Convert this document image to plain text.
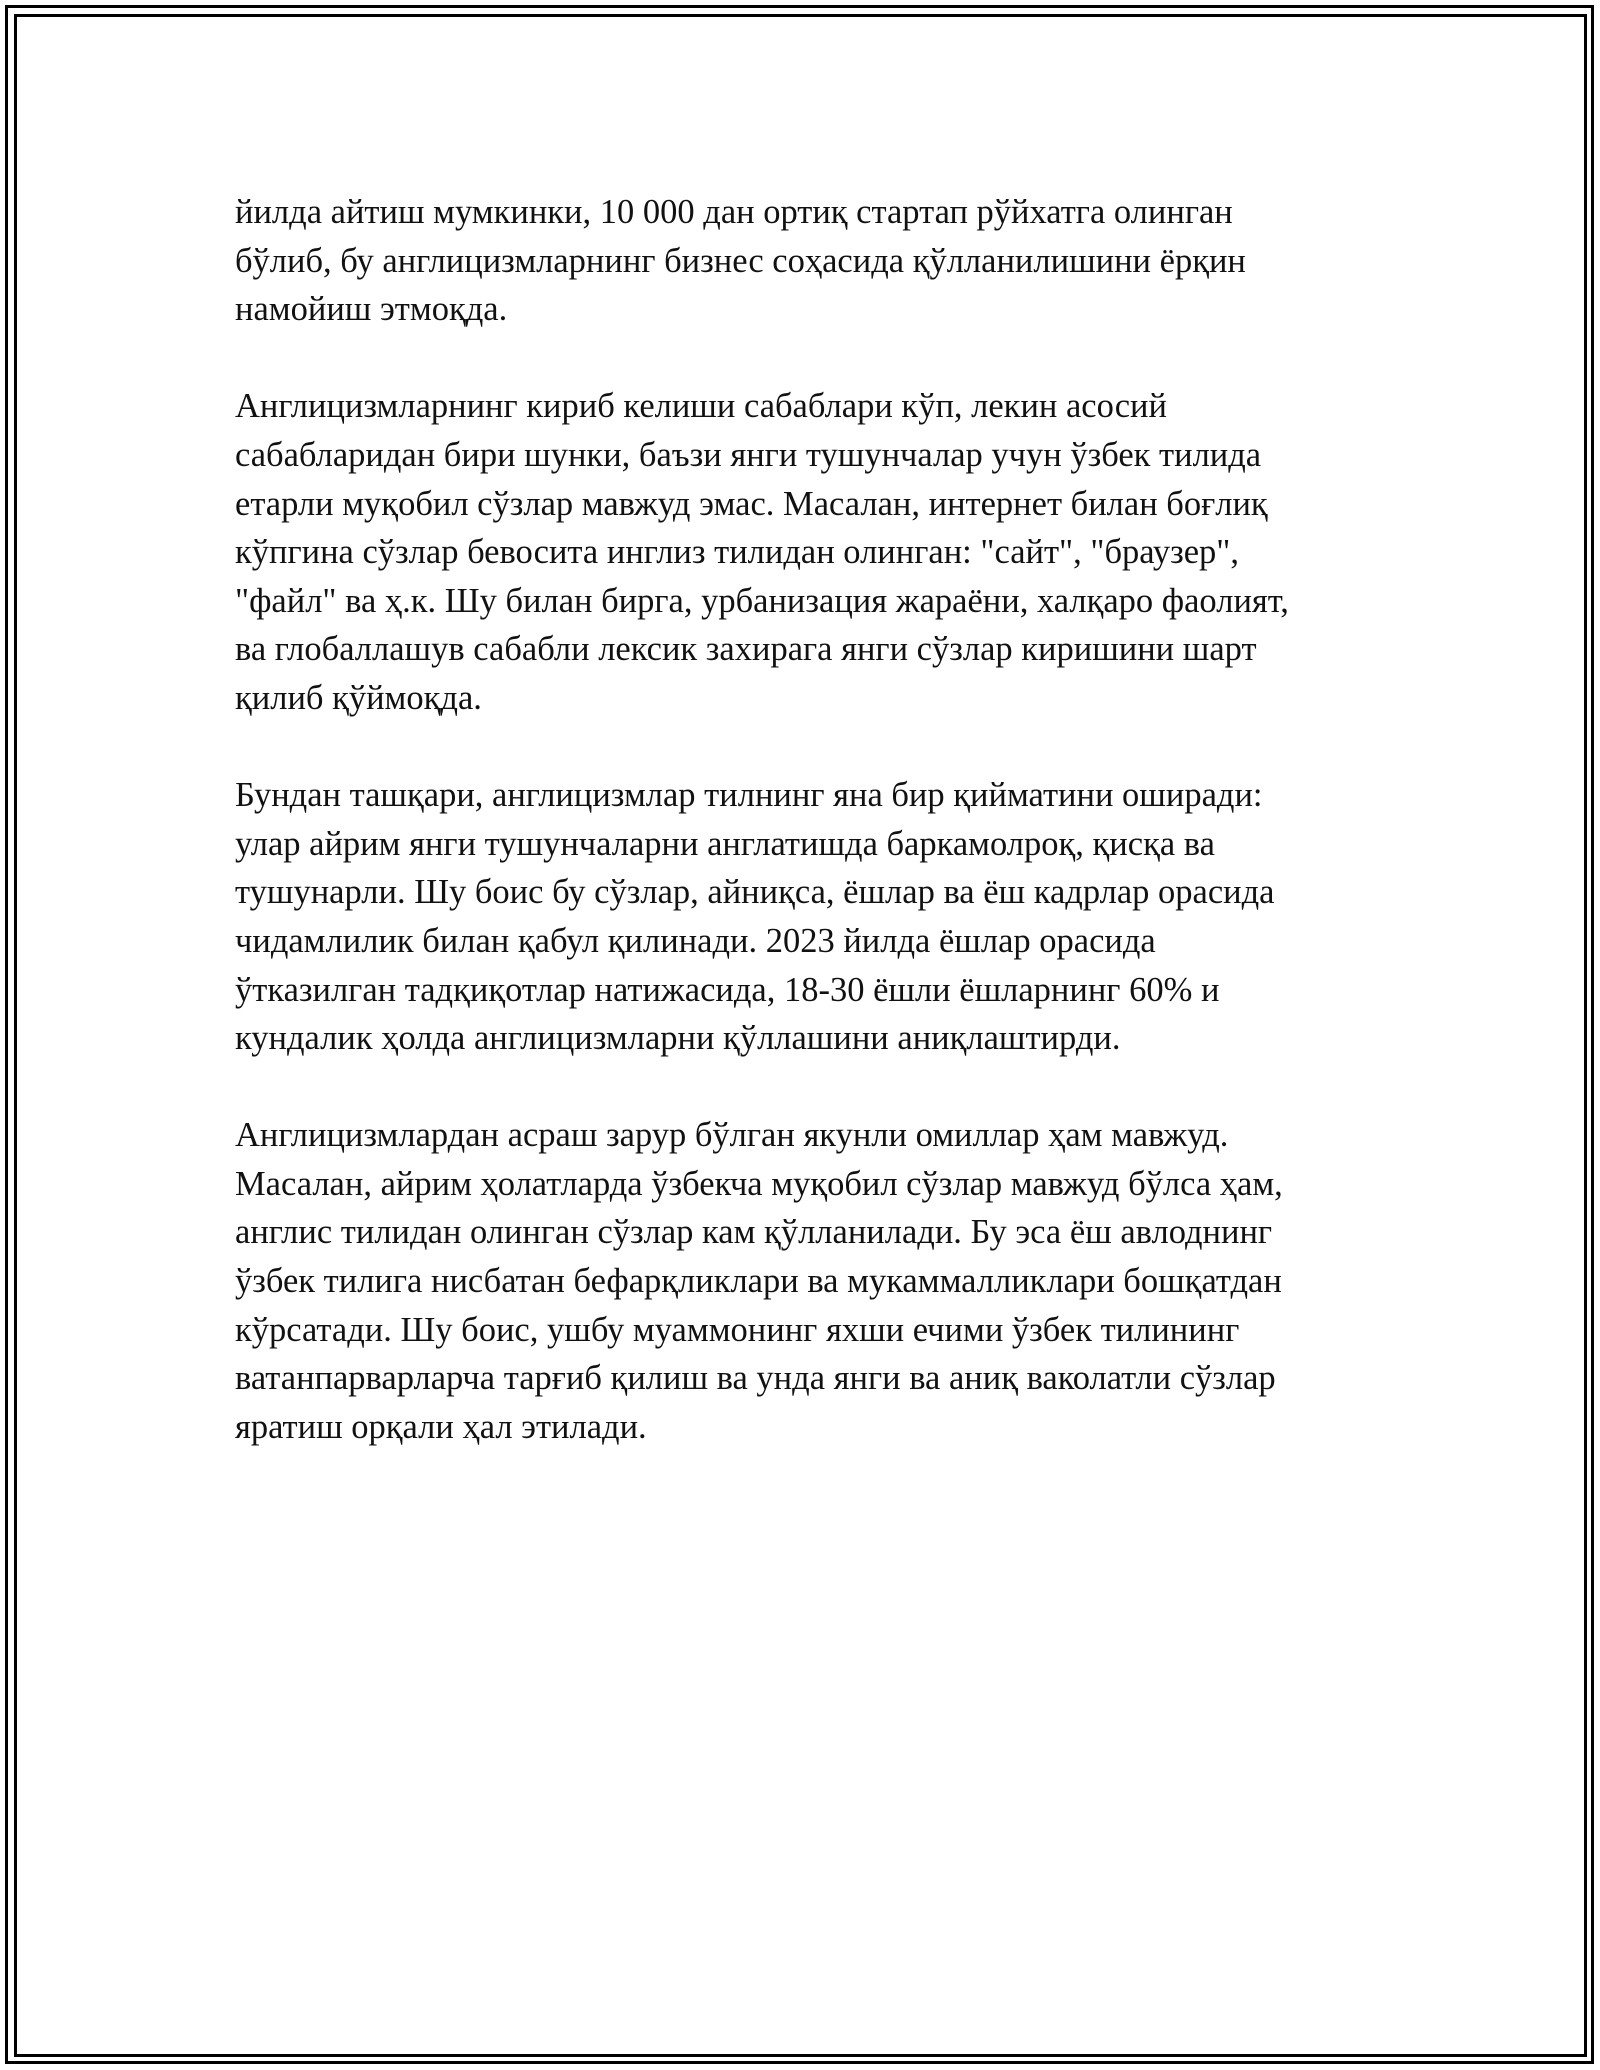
йилда айтиш мумкинки, 10 000 дан ортиқ стартап рўйхатга олинган
бўлиб, бу англицизмларнинг бизнес соҳасида қўлланилишини ёрқин
намойиш этмоқда.

Англицизмларнинг кириб келиши сабаблари кўп, лекин асосий
сабабларидан бири шунки, баъзи янги тушунчалар учун ўзбек тилида
етарли муқобил сўзлар мавжуд эмас. Масалан, интернет билан боғлиқ
кўпгина сўзлар бевосита инглиз тилидан олинган: "сайт", "браузер",
"файл" ва ҳ.к. Шу билан бирга, урбанизация жараёни, халқаро фаолият,
ва глобаллашув сабабли лексик захирага янги сўзлар киришини шарт
қилиб қўймоқда.

Бундан ташқари, англицизмлар тилнинг яна бир қийматини оширади:
улар айрим янги тушунчаларни англатишда баркамолроқ, қисқа ва
тушунарли. Шу боис бу сўзлар, айниқса, ёшлар ва ёш кадрлар орасида
чидамлилик билан қабул қилинади. 2023 йилда ёшлар орасида
ўтказилган тадқиқотлар натижасида, 18-30 ёшли ёшларнинг 60% и
кундалик ҳолда англицизмларни қўллашини аниқлаштирди.

Англицизмлардан асраш зарур бўлган якунли омиллар ҳам мавжуд.
Масалан, айрим ҳолатларда ўзбекча муқобил сўзлар мавжуд бўлса ҳам,
англис тилидан олинган сўзлар кам қўлланилади. Бу эса ёш авлоднинг
ўзбек тилига нисбатан бефарқликлари ва мукаммалликлари бошқатдан
кўрсатади. Шу боис, ушбу муаммонинг яхши ечими ўзбек тилининг
ватанпарварларча тарғиб қилиш ва унда янги ва аниқ ваколатли сўзлар
яратиш орқали ҳал этилади.
